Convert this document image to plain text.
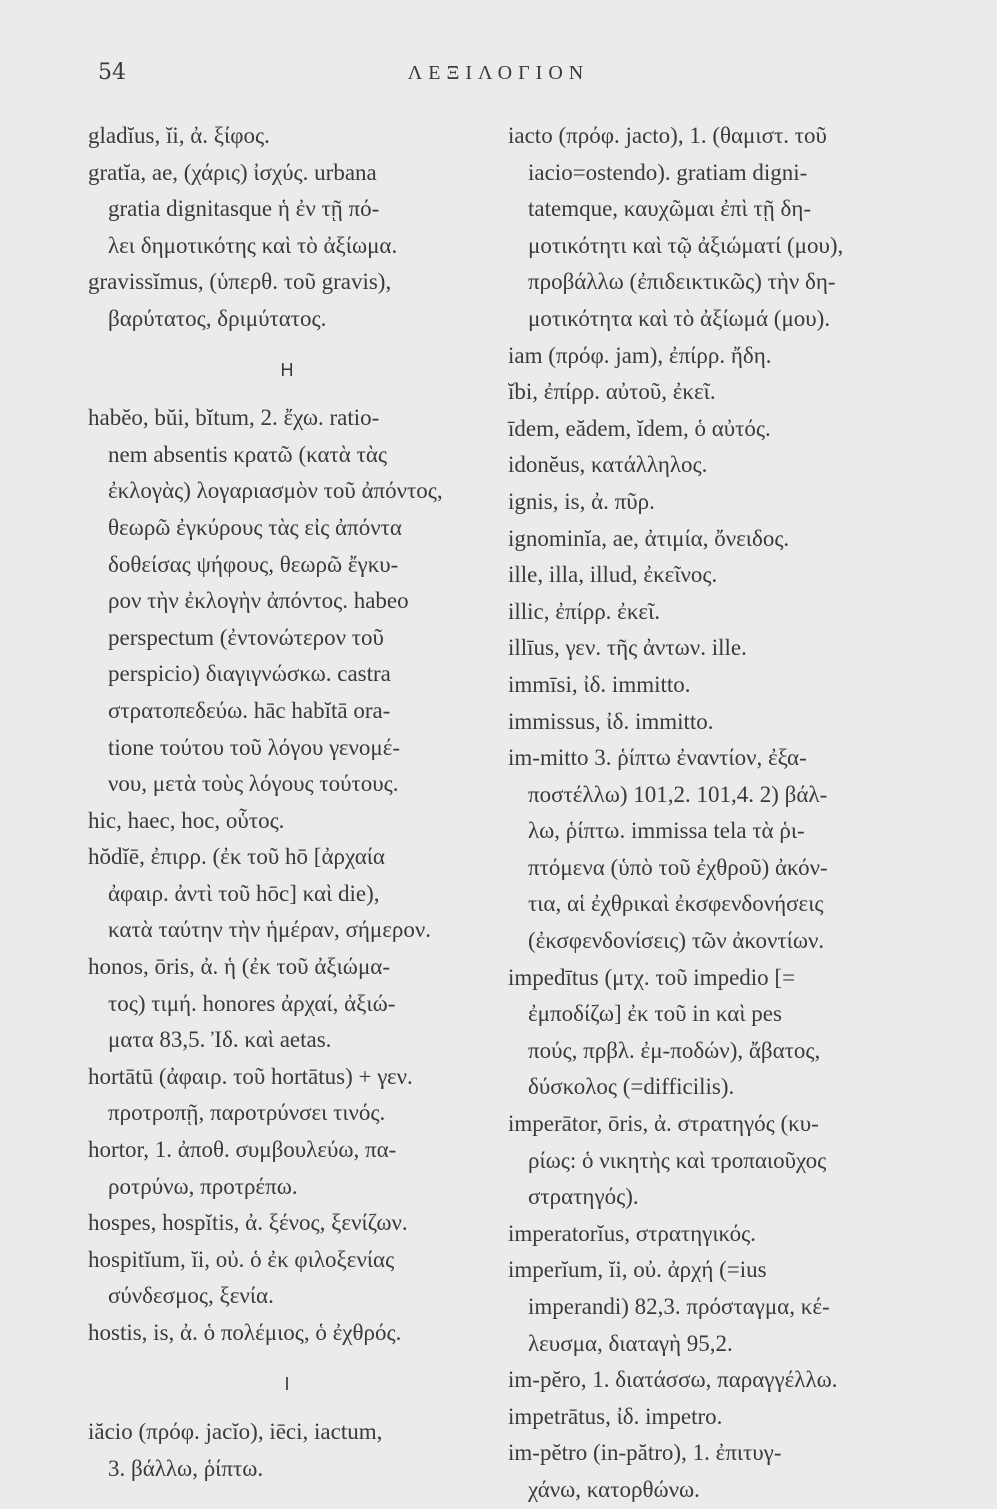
54	ΛΕΞΙΛΟΓΙΟΝ
gladĭus, ĭi, ἀ. ξίφος.
gratĭa, ae, (χάρις) ἰσχύς. urbana
gratia dignitasque ἡ ἐν τῇ πό-
λει δημοτικότης καὶ τὸ ἀξίωμα.
gravissĭmus, (ὑπερθ. τοῦ gravis),
βαρύτατος, δριμύτατος.
H
habĕo, bŭi, bĭtum, 2. ἔχω. ratio-
nem absentis κρατῶ (κατὰ τὰς
ἐκλογὰς) λογαριασμὸν τοῦ ἀπόντος,
θεωρῶ ἐγκύρους τὰς εἰς ἀπόντα
δοθείσας ψήφους, θεωρῶ ἔγκυ-
ρον τὴν ἐκλογὴν ἀπόντος. habeo
perspectum (ἐντονώτερον τοῦ
perspicio) διαγιγνώσκω. castra
στρατοπεδεύω. hāc habĭtā ora-
tione τούτου τοῦ λόγου γενομέ-
νου, μετὰ τοὺς λόγους τούτους.
hic, haec, hoc, οὗτος.
hŏdĭē, ἐπιρρ. (ἐκ τοῦ hō [ἀρχαία
ἀφαιρ. ἀντὶ τοῦ hōc] καὶ die),
κατὰ ταύτην τὴν ἡμέραν, σήμερον.
honos, ōris, ἀ. ἡ (ἐκ τοῦ ἀξιώμα-
τος) τιμή. honores ἀρχαί, ἀξιώ-
ματα 83,5. Ἰδ. καὶ aetas.
hortātū (ἀφαιρ. τοῦ hortātus) + γεν.
προτροπῇ, παροτρύνσει τινός.
hortor, 1. ἀποθ. συμβουλεύω, πα-
ροτρύνω, προτρέπω.
hospes, hospĭtis, ἀ. ξένος, ξενίζων.
hospitĭum, ĭi, οὐ. ὁ ἐκ φιλοξενίας
σύνδεσμος, ξενία.
hostis, is, ἀ. ὁ πολέμιος, ὁ ἐχθρός.
I
iăcio (πρόφ. jacĭo), iēci, iactum,
3. βάλλω, ῥίπτω.
iacto (πρόφ. jacto), 1. (θαμιστ. τοῦ
iacio=ostendo). gratiam digni-
tatemque, καυχῶμαι ἐπὶ τῇ δη-
μοτικότητι καὶ τῷ ἀξιώματί (μου),
προβάλλω (ἐπιδεικτικῶς) τὴν δη-
μοτικότητα καὶ τὸ ἀξίωμά (μου).
iam (πρόφ. jam), ἐπίρρ. ἤδη.
ĭbi, ἐπίρρ. αὐτοῦ, ἐκεῖ.
īdem, eădem, ĭdem, ὁ αὐτός.
idonĕus, κατάλληλος.
ignis, is, ἀ. πῦρ.
ignominĭa, ae, ἀτιμία, ὄνειδος.
ille, illa, illud, ἐκεῖνος.
illic, ἐπίρρ. ἐκεῖ.
illīus, γεν. τῆς ἀντων. ille.
immīsi, ἰδ. immitto.
immissus, ἰδ. immitto.
im-mitto 3. ῥίπτω ἐναντίον, ἐξα-
ποστέλλω) 101,2. 101,4. 2) βάλ-
λω, ῥίπτω. immissa tela τὰ ῥι-
πτόμενα (ὑπὸ τοῦ ἐχθροῦ) ἀκόν-
τια, αἱ ἐχθρικαὶ ἐκσφενδονήσεις
(ἐκσφενδονίσεις) τῶν ἀκοντίων.
impedītus (μτχ. τοῦ impedio [=
ἐμποδίζω] ἐκ τοῦ in καὶ pes
πούς, πρβλ. ἐμ-ποδών), ἄβατος,
δύσκολος (=difficilis).
imperātor, ōris, ἀ. στρατηγός (κυ-
ρίως: ὁ νικητὴς καὶ τροπαιοῦχος
στρατηγός).
imperatorĭus, στρατηγικός.
imperĭum, ĭi, οὐ. ἀρχή (=ius
imperandi) 82,3. πρόσταγμα, κέ-
λευσμα, διαταγὴ 95,2.
im-pĕro, 1. διατάσσω, παραγγέλλω.
impetrātus, ἰδ. impetro.
im-pĕtro (in-pătro), 1. ἐπιτυγ-
χάνω, κατορθώνω.
